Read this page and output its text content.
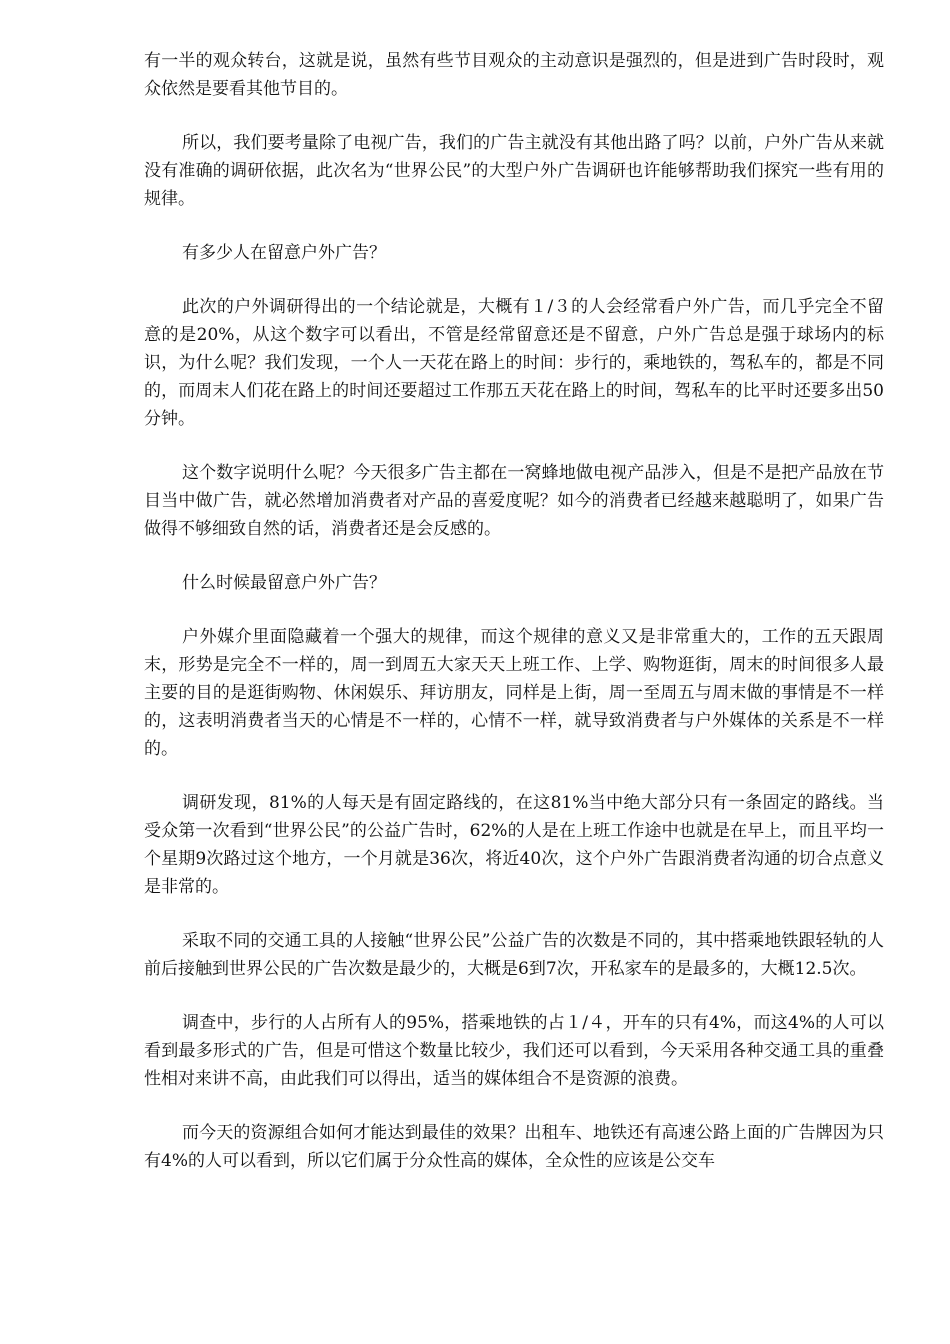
有一半的观众转台，这就是说，虽然有些节目观众的主动意识是强烈的，但是进到广告时段时，观众依然是要看其他节目的。

所以，我们要考量除了电视广告，我们的广告主就没有其他出路了吗？以前，户外广告从来就没有准确的调研依据，此次名为“世界公民”的大型户外广告调研也许能够帮助我们探究一些有用的规律。

有多少人在留意户外广告？

此次的户外调研得出的一个结论就是，大概有１/３的人会经常看户外广告，而几乎完全不留意的是20%，从这个数字可以看出，不管是经常留意还是不留意，户外广告总是强于球场内的标识，为什么呢？我们发现，一个人一天花在路上的时间：步行的，乘地铁的，驾私车的，都是不同的，而周末人们花在路上的时间还要超过工作那五天花在路上的时间，驾私车的比平时还要多出50分钟。

这个数字说明什么呢？今天很多广告主都在一窝蜂地做电视产品涉入，但是不是把产品放在节目当中做广告，就必然增加消费者对产品的喜爱度呢？如今的消费者已经越来越聪明了，如果广告做得不够细致自然的话，消费者还是会反感的。

什么时候最留意户外广告？

户外媒介里面隐藏着一个强大的规律，而这个规律的意义又是非常重大的，工作的五天跟周末，形势是完全不一样的，周一到周五大家天天上班工作、上学、购物逛街，周末的时间很多人最主要的目的是逛街购物、休闲娱乐、拜访朋友，同样是上街，周一至周五与周末做的事情是不一样的，这表明消费者当天的心情是不一样的，心情不一样，就导致消费者与户外媒体的关系是不一样的。

调研发现，81%的人每天是有固定路线的，在这81%当中绝大部分只有一条固定的路线。当受众第一次看到“世界公民”的公益广告时，62%的人是在上班工作途中也就是在早上，而且平均一个星期9次路过这个地方，一个月就是36次，将近40次，这个户外广告跟消费者沟通的切合点意义是非常的。

采取不同的交通工具的人接触“世界公民”公益广告的次数是不同的，其中搭乘地铁跟轻轨的人前后接触到世界公民的广告次数是最少的，大概是6到7次，开私家车的是最多的，大概12.5次。

调查中，步行的人占所有人的95%，搭乘地铁的占１/４，开车的只有4%，而这4%的人可以看到最多形式的广告，但是可惜这个数量比较少，我们还可以看到，今天采用各种交通工具的重叠性相对来讲不高，由此我们可以得出，适当的媒体组合不是资源的浪费。

而今天的资源组合如何才能达到最佳的效果？出租车、地铁还有高速公路上面的广告牌因为只有4%的人可以看到，所以它们属于分众性高的媒体，全众性的应该是公交车
